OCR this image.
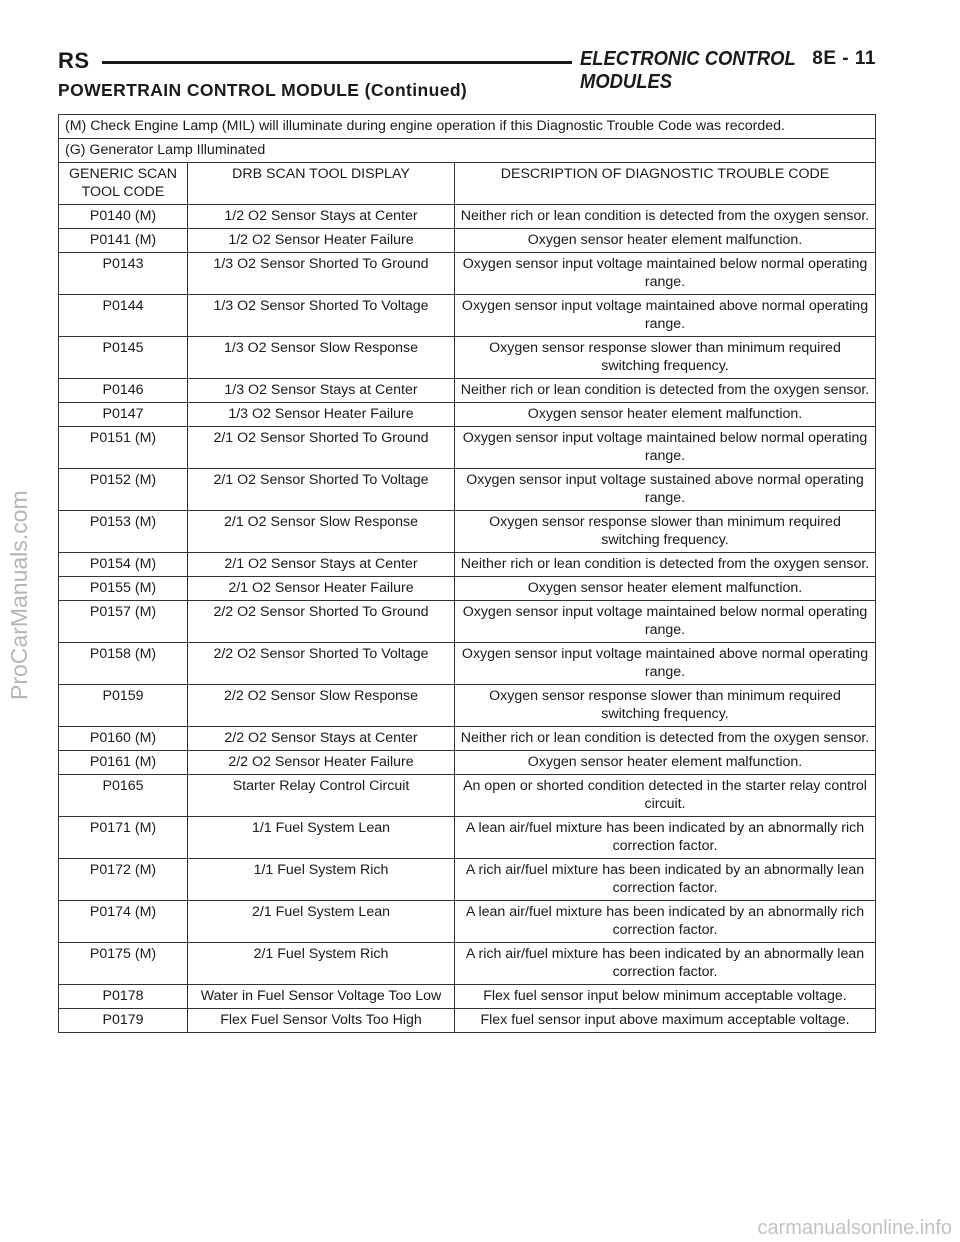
RS	ELECTRONIC CONTROL MODULES
8E - 11
POWERTRAIN CONTROL MODULE (Continued)
(M) Check Engine Lamp (MIL) will illuminate during engine operation if this Diagnostic Trouble Code was recorded.		
(G) Generator Lamp Illuminated		
GENERIC SCAN TOOL CODE	DRB SCAN TOOL DISPLAY	DESCRIPTION OF DIAGNOSTIC TROUBLE CODE
P0140 (M)	1/2 O2 Sensor Stays at Center	Neither rich or lean condition is detected from the oxygen sensor.
P0141 (M)	1/2 O2 Sensor Heater Failure	Oxygen sensor heater element malfunction.
P0143	1/3 O2 Sensor Shorted To Ground	Oxygen sensor input voltage maintained below normal operating range.
P0144	1/3 O2 Sensor Shorted To Voltage	Oxygen sensor input voltage maintained above normal operating range.
P0145	1/3 O2 Sensor Slow Response	Oxygen sensor response slower than minimum required switching frequency.
P0146	1/3 O2 Sensor Stays at Center	Neither rich or lean condition is detected from the oxygen sensor.
P0147	1/3 O2 Sensor Heater Failure	Oxygen sensor heater element malfunction.
P0151 (M)	2/1 O2 Sensor Shorted To Ground	Oxygen sensor input voltage maintained below normal operating range.
P0152 (M)	2/1 O2 Sensor Shorted To Voltage	Oxygen sensor input voltage sustained above normal operating range.
P0153 (M)	2/1 O2 Sensor Slow Response	Oxygen sensor response slower than minimum required switching frequency.
P0154 (M)	2/1 O2 Sensor Stays at Center	Neither rich or lean condition is detected from the oxygen sensor.
P0155 (M)	2/1 O2 Sensor Heater Failure	Oxygen sensor heater element malfunction.
P0157 (M)	2/2 O2 Sensor Shorted To Ground	Oxygen sensor input voltage maintained below normal operating range.
P0158 (M)	2/2 O2 Sensor Shorted To Voltage	Oxygen sensor input voltage maintained above normal operating range.
P0159	2/2 O2 Sensor Slow Response	Oxygen sensor response slower than minimum required switching frequency.
P0160 (M)	2/2 O2 Sensor Stays at Center	Neither rich or lean condition is detected from the oxygen sensor.
P0161 (M)	2/2 O2 Sensor Heater Failure	Oxygen sensor heater element malfunction.
P0165	Starter Relay Control Circuit	An open or shorted condition detected in the starter relay control circuit.
P0171 (M)	1/1 Fuel System Lean	A lean air/fuel mixture has been indicated by an abnormally rich correction factor.
P0172 (M)	1/1 Fuel System Rich	A rich air/fuel mixture has been indicated by an abnormally lean correction factor.
P0174 (M)	2/1 Fuel System Lean	A lean air/fuel mixture has been indicated by an abnormally rich correction factor.
P0175 (M)	2/1 Fuel System Rich	A rich air/fuel mixture has been indicated by an abnormally lean correction factor.
P0178	Water in Fuel Sensor Voltage Too Low	Flex fuel sensor input below minimum acceptable voltage.
P0179	Flex Fuel Sensor Volts Too High	Flex fuel sensor input above maximum acceptable voltage.
ProCarManuals.com
carmanualsonline.info
